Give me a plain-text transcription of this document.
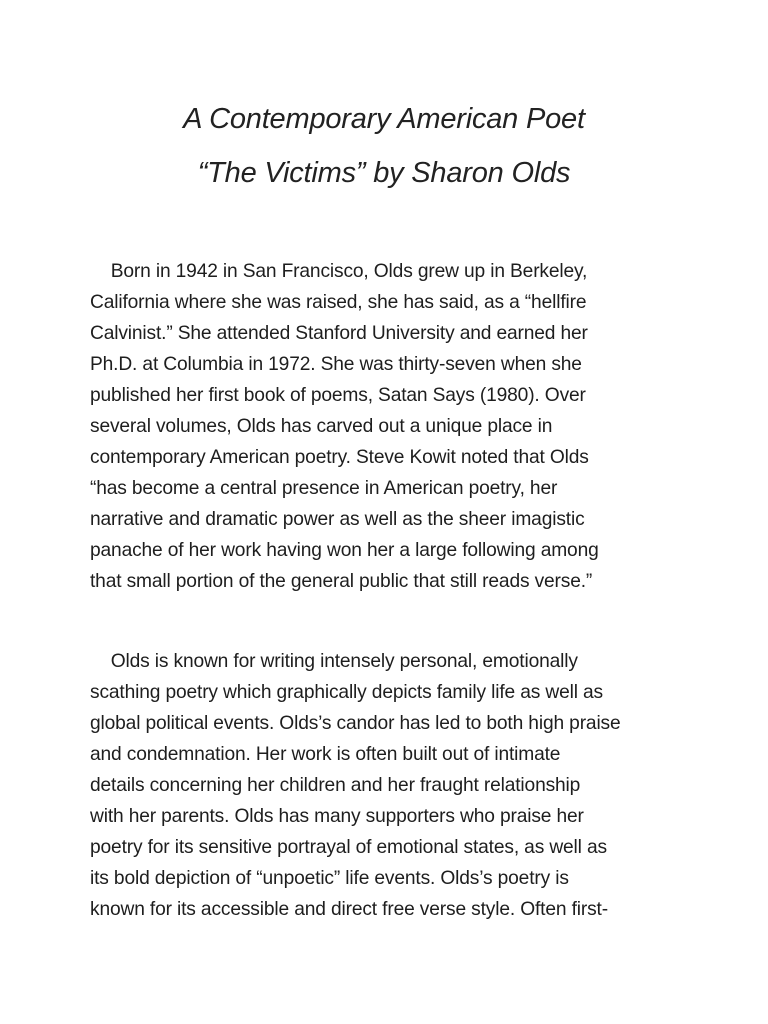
A Contemporary American Poet
“The Victims” by Sharon Olds
Born in 1942 in San Francisco, Olds grew up in Berkeley,
California where she was raised, she has said, as a “hellfire
Calvinist.” She attended Stanford University and earned her
Ph.D. at Columbia in 1972. She was thirty-seven when she
published her first book of poems, Satan Says (1980). Over
several volumes, Olds has carved out a unique place in
contemporary American poetry. Steve Kowit noted that Olds
“has become a central presence in American poetry, her
narrative and dramatic power as well as the sheer imagistic
panache of her work having won her a large following among
that small portion of the general public that still reads verse.”
Olds is known for writing intensely personal, emotionally
scathing poetry which graphically depicts family life as well as
global political events. Olds’s candor has led to both high praise
and condemnation. Her work is often built out of intimate
details concerning her children and her fraught relationship
with her parents. Olds has many supporters who praise her
poetry for its sensitive portrayal of emotional states, as well as
its bold depiction of “unpoetic” life events. Olds’s poetry is
known for its accessible and direct free verse style. Often first-
